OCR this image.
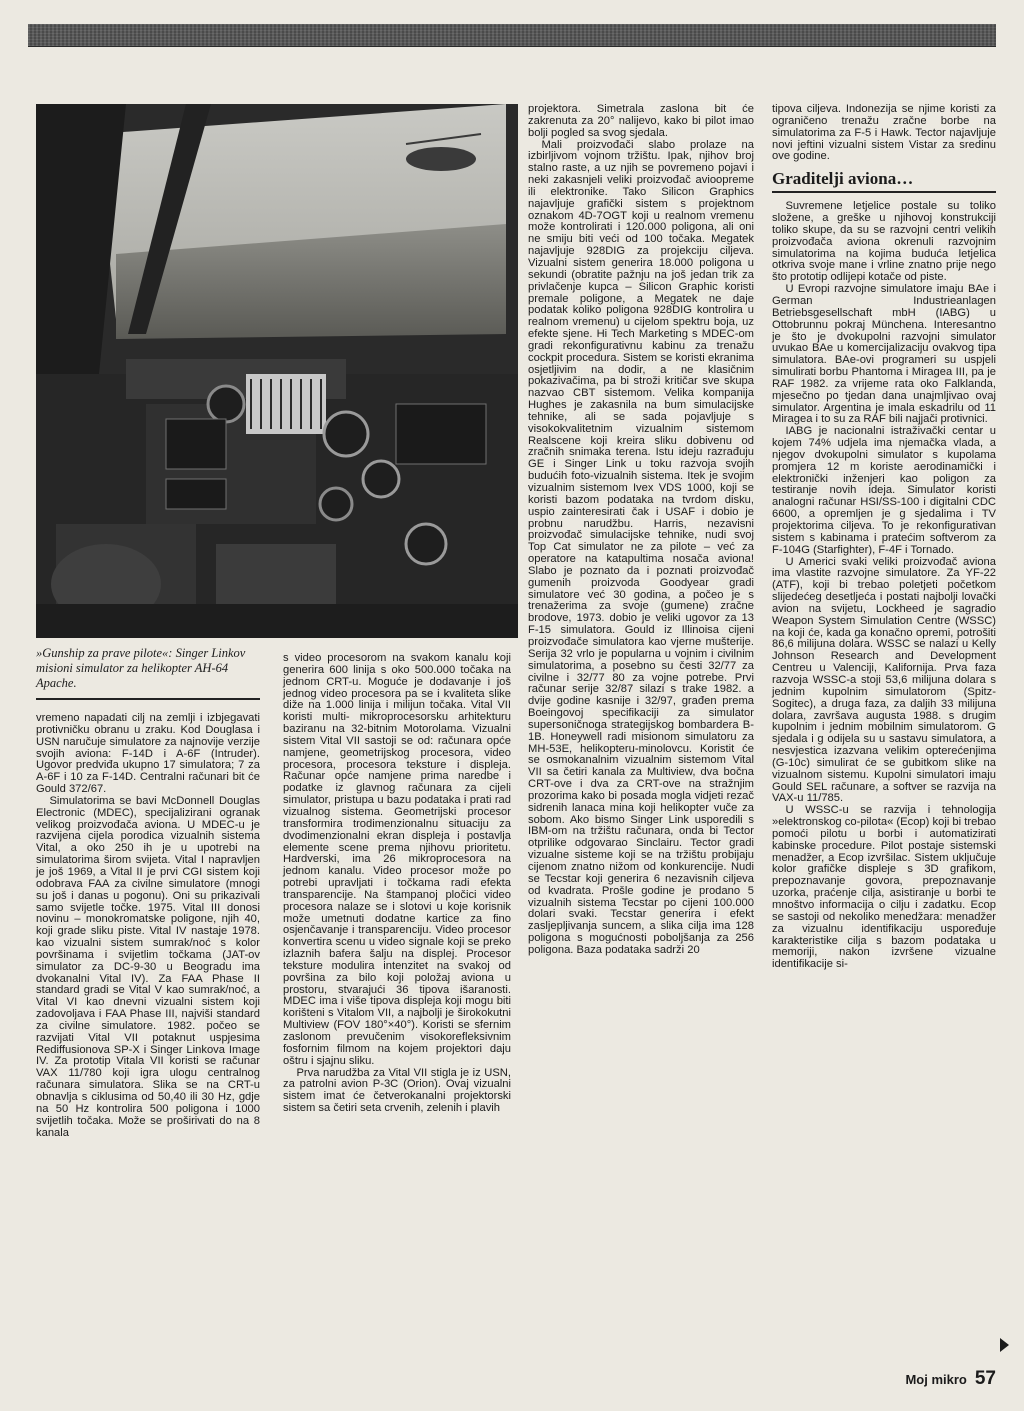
»Gunship za prave pilote«: Singer Linkov misioni simulator za helikopter AH-64 Apache.

vremeno napadati cilj na zemlji i izbjegavati protivničku obranu u zraku. Kod Douglasa i USN naručuje simulatore za najnovije verzije svojih aviona: F-14D i A-6F (Intruder). Ugovor predviđa ukupno 17 simulatora; 7 za A-6F i 10 za F-14D. Centralni računari bit će Gould 372/67.

Simulatorima se bavi McDonnell Douglas Electronic (MDEC), specijalizirani ogranak velikog proizvođača aviona. U MDEC-u je razvijena cijela porodica vizualnih sistema Vital, a oko 250 ih je u upotrebi na simulatorima širom svijeta. Vital I napravljen je još 1969, a Vital II je prvi CGI sistem koji odobrava FAA za civilne simulatore (mnogi su još i danas u pogonu). Oni su prikazivali samo svijetle točke. 1975. Vital III donosi novinu – monokromatske poligone, njih 40, koji grade sliku piste. Vital IV nastaje 1978. kao vizualni sistem sumrak/noć s kolor površinama i svijetlim točkama (JAT-ov simulator za DC-9-30 u Beogradu ima dvokanalni Vital IV). Za FAA Phase II standard gradi se Vital V kao sumrak/noć, a Vital VI kao dnevni vizualni sistem koji zadovoljava i FAA Phase III, najviši standard za civilne simulatore. 1982. počeo se razvijati Vital VII potaknut uspjesima Rediffusionova SP-X i Singer Linkova Image IV. Za prototip Vitala VII koristi se računar VAX 11/780 koji igra ulogu centralnog računara simulatora. Slika se na CRT-u obnavlja s ciklusima od 50,40 ili 30 Hz, gdje na 50 Hz kontrolira 500 poligona i 1000 svijetlih točaka. Može se proširivati do na 8 kanala

s video procesorom na svakom kanalu koji generira 600 linija s oko 500.000 točaka na jednom CRT-u. Moguće je dodavanje i još jednog video procesora pa se i kvaliteta slike diže na 1.000 linija i milijun točaka. Vital VII koristi multi- mikroprocesorsku arhitekturu baziranu na 32-bitnim Motorolama. Vizualni sistem Vital VII sastoji se od: računara opće namjene, geometrijskog procesora, video procesora, procesora teksture i displeja. Računar opće namjene prima naredbe i podatke iz glavnog računara za cijeli simulator, pristupa u bazu podataka i prati rad vizualnog sistema. Geometrijski procesor transformira trodimenzionalnu situaciju za dvodimenzionalni ekran displeja i postavlja elemente scene prema njihovu prioritetu. Hardverski, ima 26 mikroprocesora na jednom kanalu. Video procesor može po potrebi upravljati i točkama radi efekta transparencije. Na štampanoj pločici video procesora nalaze se i slotovi u koje korisnik može umetnuti dodatne kartice za fino osjenčavanje i transparenciju. Video procesor konvertira scenu u video signale koji se preko izlaznih bafera šalju na displej. Procesor teksture modulira intenzitet na svakoj od površina za bilo koji položaj aviona u prostoru, stvarajući 36 tipova išaranosti. MDEC ima i više tipova displeja koji mogu biti korišteni s Vitalom VII, a najbolji je širokokutni Multiview (FOV 180°×40°). Koristi se sfernim zaslonom prevučenim visokorefleksivnim fosfornim filmom na kojem projektori daju oštru i sjajnu sliku.

Prva narudžba za Vital VII stigla je iz USN, za patrolni avion P-3C (Orion). Ovaj vizualni sistem imat će četverokanalni projektorski sistem sa četiri seta crvenih, zelenih i plavih

projektora. Simetrala zaslona bit će zakrenuta za 20° nalijevo, kako bi pilot imao bolji pogled sa svog sjedala.

Mali proizvođači slabo prolaze na izbirljivom vojnom tržištu. Ipak, njihov broj stalno raste, a uz njih se povremeno pojavi i neki zakasnjeli veliki proizvođač avioopreme ili elektronike. Tako Silicon Graphics najavljuje grafički sistem s projektnom oznakom 4D-7OGT koji u realnom vremenu može kontrolirati i 120.000 poligona, ali oni ne smiju biti veći od 100 točaka. Megatek najavljuje 928DIG za projekciju ciljeva. Vizualni sistem generira 18.000 poligona u sekundi (obratite pažnju na još jedan trik za privlačenje kupca – Silicon Graphic koristi premale poligone, a Megatek ne daje podatak koliko poligona 928DIG kontrolira u realnom vremenu) u cijelom spektru boja, uz efekte sjene. Hi Tech Marketing s MDEC-om gradi rekonfigurativnu kabinu za trenažu cockpit procedura. Sistem se koristi ekranima osjetljivim na dodir, a ne klasičnim pokazivačima, pa bi stroži kritičar sve skupa nazvao CBT sistemom. Velika kompanija Hughes je zakasnila na bum simulacijske tehnike, ali se sada pojavljuje s visokokvalitetnim vizualnim sistemom Realscene koji kreira sliku dobivenu od zračnih snimaka terena. Istu ideju razrađuju GE i Singer Link u toku razvoja svojih budućih foto-vizualnih sistema. Itek je svojim vizualnim sistemom Ivex VDS 1000, koji se koristi bazom podataka na tvrdom disku, uspio zainteresirati čak i USAF i dobio je probnu narudžbu. Harris, nezavisni proizvođač simulacijske tehnike, nudi svoj Top Cat simulator ne za pilote – već za operatore na katapultima nosača aviona! Slabo je poznato da i poznati proizvođač gumenih proizvoda Goodyear gradi simulatore već 30 godina, a počeo je s trenažerima za svoje (gumene) zračne brodove, 1973. dobio je veliki ugovor za 13 F-15 simulatora. Gould iz Illinoisa cijeni proizvođače simulatora kao vjerne mušterije. Serija 32 vrlo je popularna u vojnim i civilnim simulatorima, a posebno su česti 32/77 za civilne i 32/77 80 za vojne potrebe. Prvi računar serije 32/87 silazi s trake 1982. a dvije godine kasnije i 32/97, građen prema Boeingovoj specifikaciji za simulator supersoničnoga strategijskog bombardera B-1B. Honeywell radi misionom simulatoru za MH-53E, helikopteru-minolovcu. Koristit će se osmokanalnim vizualnim sistemom Vital VII sa četiri kanala za Multiview, dva bočna CRT-ove i dva za CRT-ove na stražnjim prozorima kako bi posada mogla vidjeti rezač sidrenih lanaca mina koji helikopter vuče za sobom. Ako bismo Singer Link usporedili s IBM-om na tržištu računara, onda bi Tector otprilike odgovarao Sinclairu. Tector gradi vizualne sisteme koji se na tržištu probijaju cijenom znatno nižom od konkurencije. Nudi se Tecstar koji generira 6 nezavisnih ciljeva od kvadrata. Prošle godine je prodano 5 vizualnih sistema Tecstar po cijeni 100.000 dolari svaki. Tecstar generira i efekt zasljepljivanja suncem, a slika cilja ima 128 poligona s mogućnosti poboljšanja za 256 poligona. Baza podataka sadrži 20

tipova ciljeva. Indonezija se njime koristi za ograničeno trenažu zračne borbe na simulatorima za F-5 i Hawk. Tector najavljuje novi jeftini vizualni sistem Vistar za sredinu ove godine.

Graditelji aviona…

Suvremene letjelice postale su toliko složene, a greške u njihovoj konstrukciji toliko skupe, da su se razvojni centri velikih proizvođača aviona okrenuli razvojnim simulatorima na kojima buduća letjelica otkriva svoje mane i vrline znatno prije nego što prototip odlijepi kotače od piste.

U Evropi razvojne simulatore imaju BAe i German Industrieanlagen Betriebsgesellschaft mbH (IABG) u Ottobrunnu pokraj Münchena. Interesantno je što je dvokupolni razvojni simulator uvukao BAe u komercijalizaciju ovakvog tipa simulatora. BAe-ovi programeri su uspjeli simulirati borbu Phantoma i Miragea III, pa je RAF 1982. za vrijeme rata oko Falklanda, mjesečno po tjedan dana unajmljivao ovaj simulator. Argentina je imala eskadrilu od 11 Miragea i to su za RAF bili najjači protivnici.

IABG je nacionalni istraživački centar u kojem 74% udjela ima njemačka vlada, a njegov dvokupolni simulator s kupolama promjera 12 m koriste aerodinamički i elektronički inženjeri kao poligon za testiranje novih ideja. Simulator koristi analogni računar HSI/SS-100 i digitalni CDC 6600, a opremljen je g sjedalima i TV projektorima ciljeva. To je rekonfigurativan sistem s kabinama i pratećim softverom za F-104G (Starfighter), F-4F i Tornado.

U Americi svaki veliki proizvođač aviona ima vlastite razvojne simulatore. Za YF-22 (ATF), koji bi trebao poletjeti početkom slijedećeg desetljeća i postati najbolji lovački avion na svijetu, Lockheed je sagradio Weapon System Simulation Centre (WSSC) na koji će, kada ga konačno opremi, potrošiti 86,6 milijuna dolara. WSSC se nalazi u Kelly Johnson Research and Development Centreu u Valenciji, Kalifornija. Prva faza razvoja WSSC-a stoji 53,6 milijuna dolara s jednim kupolnim simulatorom (Spitz-Sogitec), a druga faza, za daljih 33 milijuna dolara, završava augusta 1988. s drugim kupolnim i jednim mobilnim simulatorom. G sjedala i g odijela su u sastavu simulatora, a nesvjestica izazvana velikim opterećenjima (G-10c) simulirat će se gubitkom slike na vizualnom sistemu. Kupolni simulatori imaju Gould SEL računare, a softver se razvija na VAX-u 11/785.

U WSSC-u se razvija i tehnologija »elektronskog co-pilota« (Ecop) koji bi trebao pomoći pilotu u borbi i automatizirati kabinske procedure. Pilot postaje sistemski menadžer, a Ecop izvršilac. Sistem uključuje kolor grafičke displeje s 3D grafikom, prepoznavanje govora, prepoznavanje uzorka, praćenje cilja, asistiranje u borbi te mnoštvo informacija o cilju i zadatku. Ecop se sastoji od nekoliko menedžara: menadžer za vizualnu identifikaciju uspoređuje karakteristike cilja s bazom podataka u memoriji, nakon izvršene vizualne identifikacije si-

Moj mikro 57
